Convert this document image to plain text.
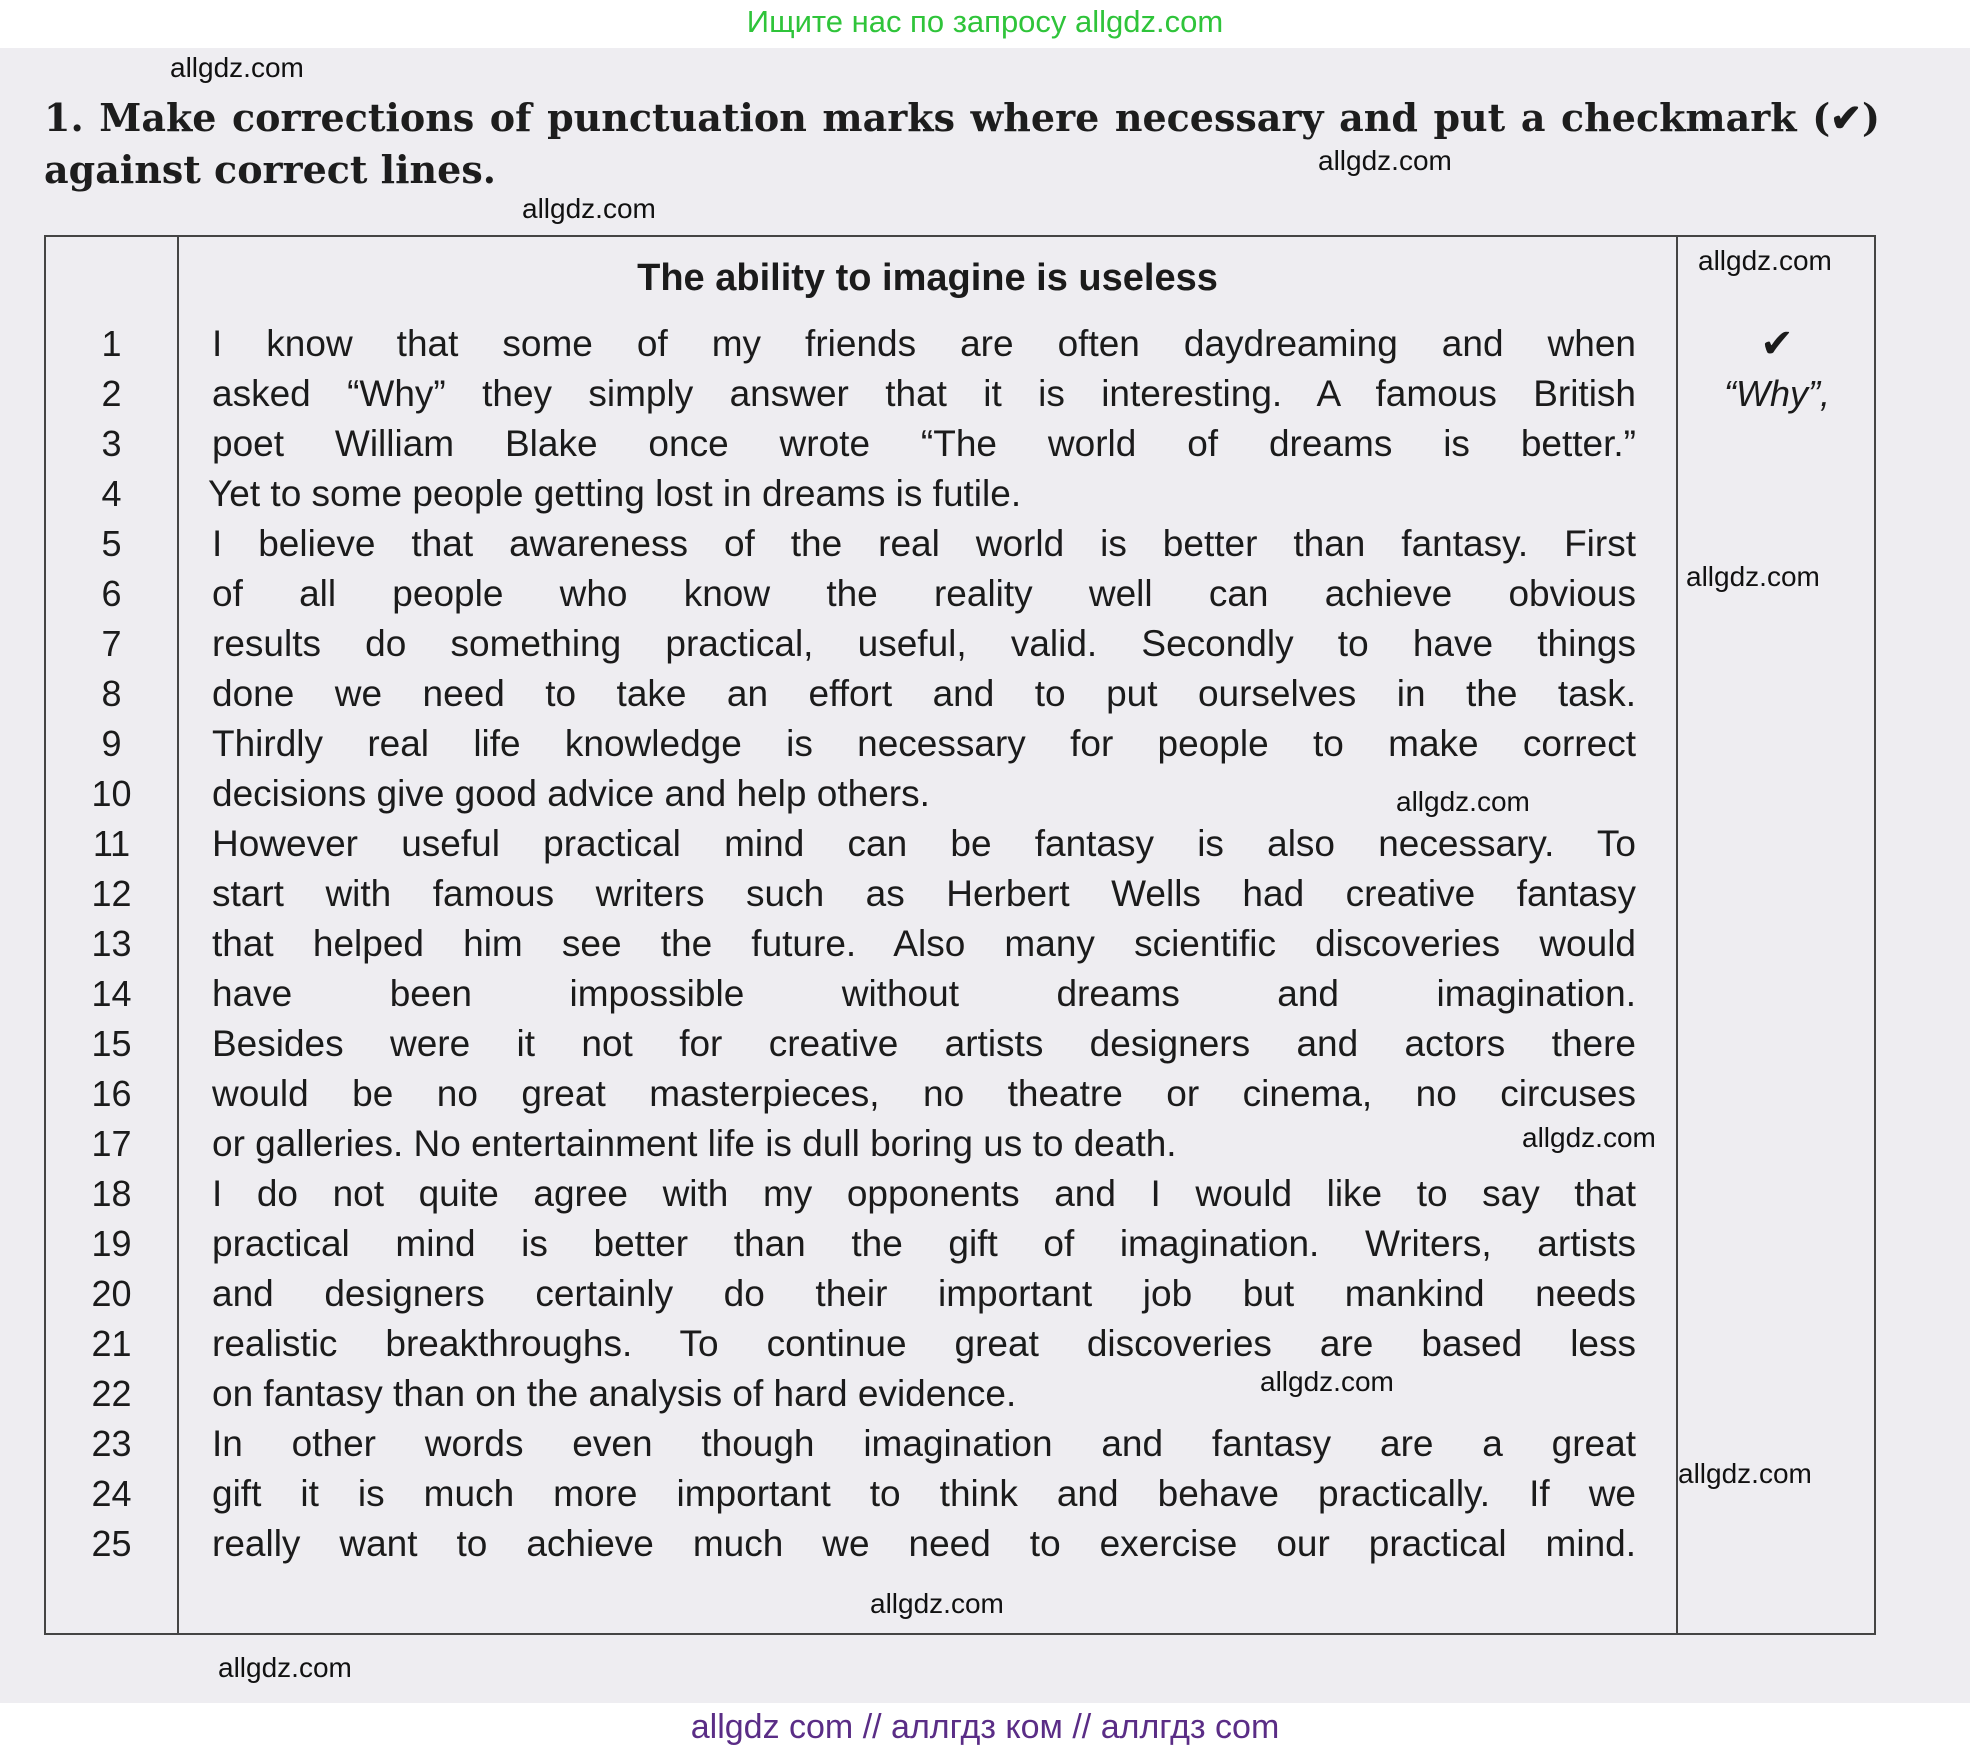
Ищите нас по запросу allgdz.com
allgdz.com
allgdz.com
allgdz.com
allgdz.com
allgdz.com
allgdz.com
allgdz.com
allgdz.com
allgdz.com
allgdz.com
allgdz.com
1. Make corrections of punctuation marks where necessary and put a checkmark (✔) against correct lines.
The ability to imagine is useless
1	I know that some of my friends are often daydreaming and when	✔
2	asked “Why” they simply answer that it is interesting. A famous British	“Why”,
3	poet William Blake once wrote “The world of dreams is better.”
4	Yet to some people getting lost in dreams is futile.
5	I believe that awareness of the real world is better than fantasy. First
6	of all people who know the reality well can achieve obvious
7	results do something practical, useful, valid. Secondly to have things
8	done we need to take an effort and to put ourselves in the task.
9	Thirdly real life knowledge is necessary for people to make correct
10	decisions give good advice and help others.
11	However useful practical mind can be fantasy is also necessary. To
12	start with famous writers such as Herbert Wells had creative fantasy
13	that helped him see the future. Also many scientific discoveries would
14	have been impossible without dreams and imagination.
15	Besides were it not for creative artists designers and actors there
16	would be no great masterpieces, no theatre or cinema, no circuses
17	or galleries. No entertainment life is dull boring us to death.
18	I do not quite agree with my opponents and I would like to say that
19	practical mind is better than the gift of imagination. Writers, artists
20	and designers certainly do their important job but mankind needs
21	realistic breakthroughs. To continue great discoveries are based less
22	on fantasy than on the analysis of hard evidence.
23	In other words even though imagination and fantasy are a great
24	gift it is much more important to think and behave practically. If we
25	really want to achieve much we need to exercise our practical mind.
allgdz com // аллгдз ком // аллгдз com
